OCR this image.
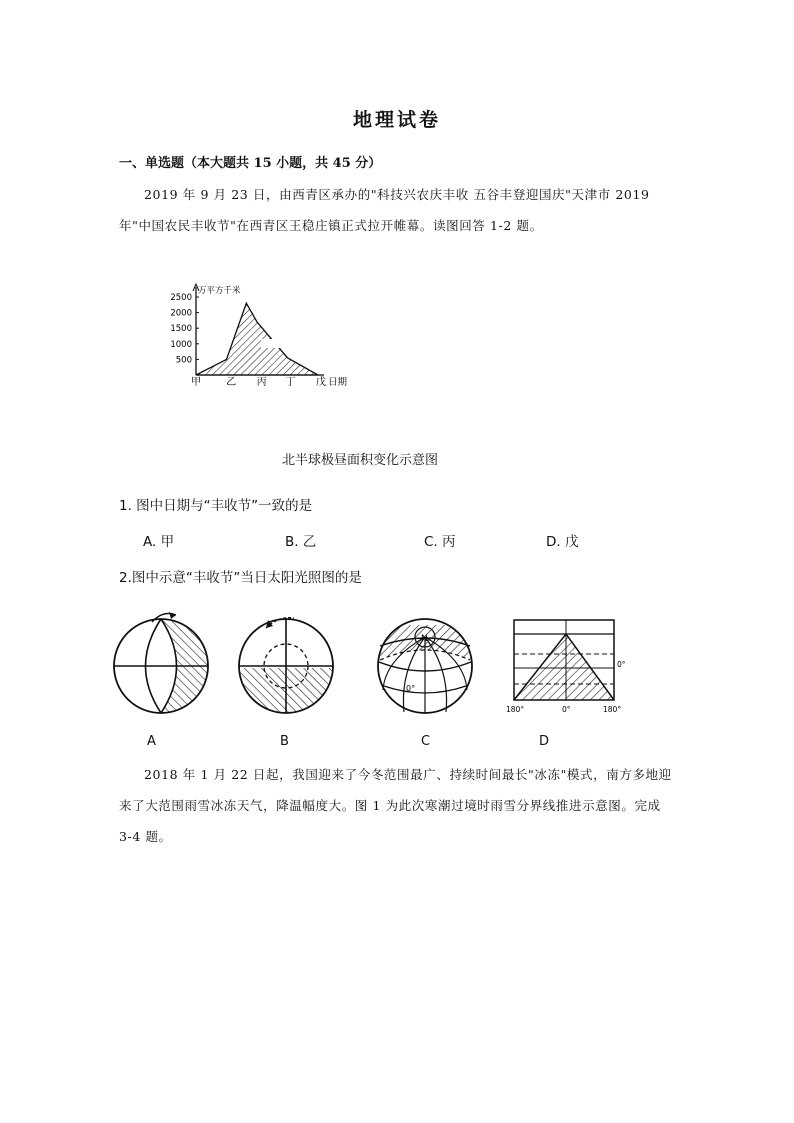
地理试卷
一、单选题（本大题共 15 小题，共 45 分）
2019 年 9 月 23 日，由西青区承办的"科技兴农庆丰收 五谷丰登迎国庆"天津市 2019 年"中国农民丰收节"在西青区王稳庄镇正式拉开帷幕。读图回答 1-2 题。
2500
2000
1500
1000
500
万平方千米
甲	乙 丙 丁 戊 日期
北半球极昼面积变化示意图
1. 图中日期与“丰收节”一致的是
A. 甲	B. 乙	C. 丙	D. 戊
2.图中示意“丰收节”当日太阳光照图的是
N
0°
0°
180°	0°	180°
A	B	C	D
2018 年 1 月 22 日起，我国迎来了今冬范围最广、持续时间最长"冰冻"模式，南方多地迎来了大范围雨雪冰冻天气，降温幅度大。图 1 为此次寒潮过境时雨雪分界线推进示意图。完成 3-4 题。
